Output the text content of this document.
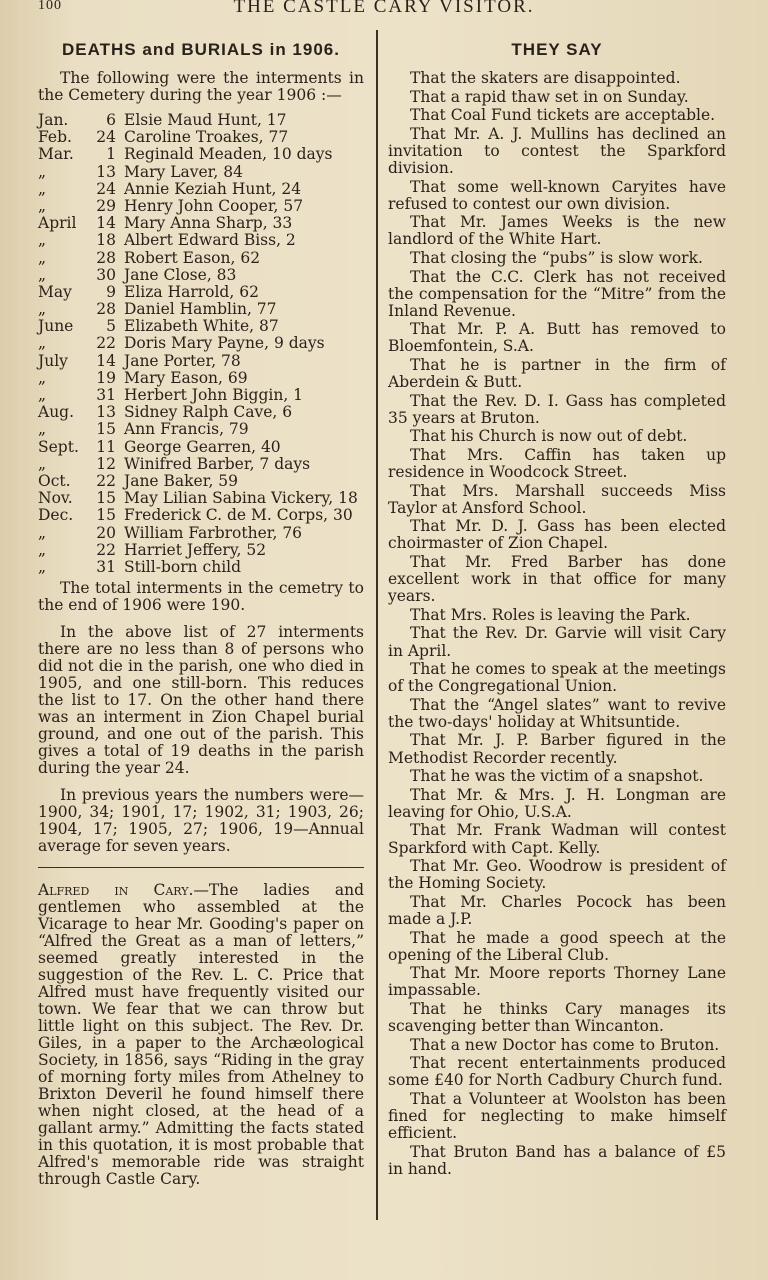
100	THE CASTLE CARY VISITOR.
DEATHS and BURIALS in 1906.

The following were the interments in the Cemetery during the year 1906 :—

Jan.	6 Elsie Maud Hunt, 17
Feb.	24 Caroline Troakes, 77
Mar.	1 Reginald Meaden, 10 days
„	13 Mary Laver, 84
„	24 Annie Keziah Hunt, 24
„	29 Henry John Cooper, 57
April	14 Mary Anna Sharp, 33
„	18 Albert Edward Biss, 2
„	28 Robert Eason, 62
„	30 Jane Close, 83
May	9 Eliza Harrold, 62
„	28 Daniel Hamblin, 77
June	5 Elizabeth White, 87
„	22 Doris Mary Payne, 9 days
July	14 Jane Porter, 78
„	19 Mary Eason, 69
„	31 Herbert John Biggin, 1
Aug.	13 Sidney Ralph Cave, 6
„	15 Ann Francis, 79
Sept.	11 George Gearren, 40
„	12 Winifred Barber, 7 days
Oct.	22 Jane Baker, 59
Nov.	15 May Lilian Sabina Vickery, 18
Dec.	15 Frederick C. de M. Corps, 30
„	20 William Farbrother, 76
„	22 Harriet Jeffery, 52
„	31 Still-born child

The total interments in the cemetry to the end of 1906 were 190.

In the above list of 27 interments there are no less than 8 of persons who did not die in the parish, one who died in 1905, and one still-born. This reduces the list to 17. On the other hand there was an interment in Zion Chapel burial ground, and one out of the parish. This gives a total of 19 deaths in the parish during the year 24.

In previous years the numbers were— 1900, 34; 1901, 17; 1902, 31; 1903, 26; 1904, 17; 1905, 27; 1906, 19—Annual average for seven years.

Alfred in Cary.—The ladies and gentlemen who assembled at the Vicarage to hear Mr. Gooding's paper on “Alfred the Great as a man of letters,” seemed greatly interested in the suggestion of the Rev. L. C. Price that Alfred must have frequently visited our town. We fear that we can throw but little light on this subject. The Rev. Dr. Giles, in a paper to the Archæological Society, in 1856, says “Riding in the gray of morning forty miles from Athelney to Brixton Deveril he found himself there when night closed, at the head of a gallant army.” Admitting the facts stated in this quotation, it is most probable that Alfred's memorable ride was straight through Castle Cary.

THEY SAY

That the skaters are disappointed.

That a rapid thaw set in on Sunday.

That Coal Fund tickets are acceptable.

That Mr. A. J. Mullins has declined an invitation to contest the Sparkford division.

That some well-known Caryites have refused to contest our own division.

That Mr. James Weeks is the new landlord of the White Hart.

That closing the “pubs” is slow work.

That the C.C. Clerk has not received the compensation for the “Mitre” from the Inland Revenue.

That Mr. P. A. Butt has removed to Bloemfontein, S.A.

That he is partner in the firm of Aberdein & Butt.

That the Rev. D. I. Gass has completed 35 years at Bruton.

That his Church is now out of debt.

That Mrs. Caffin has taken up residence in Woodcock Street.

That Mrs. Marshall succeeds Miss Taylor at Ansford School.

That Mr. D. J. Gass has been elected choirmaster of Zion Chapel.

That Mr. Fred Barber has done excellent work in that office for many years.

That Mrs. Roles is leaving the Park.

That the Rev. Dr. Garvie will visit Cary in April.

That he comes to speak at the meetings of the Congregational Union.

That the “Angel slates” want to revive the two-days' holiday at Whitsuntide.

That Mr. J. P. Barber figured in the Methodist Recorder recently.

That he was the victim of a snapshot.

That Mr. & Mrs. J. H. Longman are leaving for Ohio, U.S.A.

That Mr. Frank Wadman will contest Sparkford with Capt. Kelly.

That Mr. Geo. Woodrow is president of the Homing Society.

That Mr. Charles Pocock has been made a J.P.

That he made a good speech at the opening of the Liberal Club.

That Mr. Moore reports Thorney Lane impassable.

That he thinks Cary manages its scavenging better than Wincanton.

That a new Doctor has come to Bruton.

That recent entertainments produced some £40 for North Cadbury Church fund.

That a Volunteer at Woolston has been fined for neglecting to make himself efficient.

That Bruton Band has a balance of £5 in hand.
